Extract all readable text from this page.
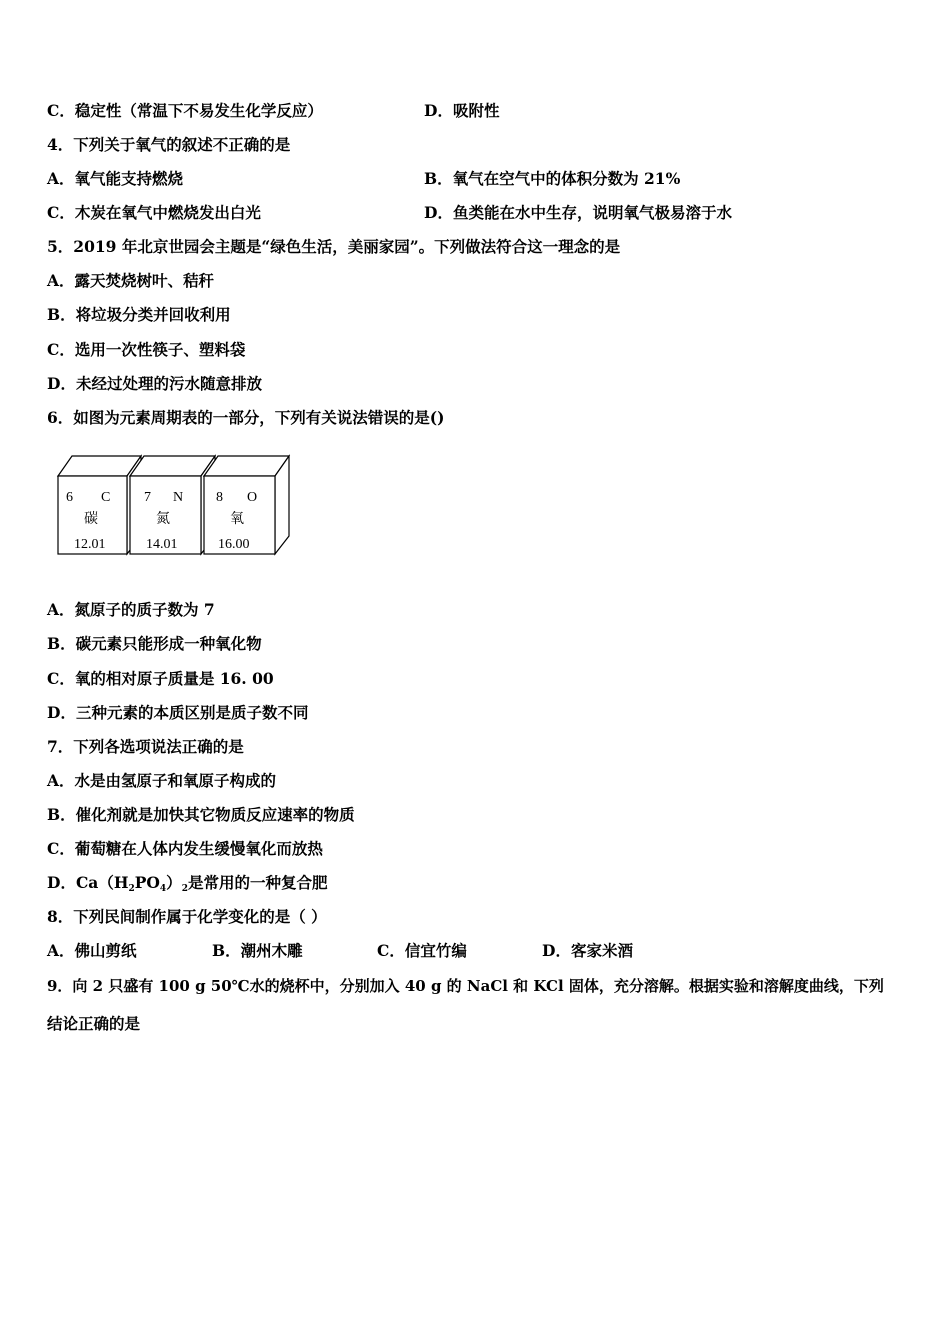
C．稳定性（常温下不易发生化学反应）	D．吸附性
4．下列关于氧气的叙述不正确的是
A．氧气能支持燃烧	B．氧气在空气中的体积分数为 21%
C．木炭在氧气中燃烧发出白光	D．鱼类能在水中生存，说明氧气极易溶于水
5．2019 年北京世园会主题是“绿色生活，美丽家园”。下列做法符合这一理念的是
A．露天焚烧树叶、秸秆
B．将垃圾分类并回收利用
C．选用一次性筷子、塑料袋
D．未经过处理的污水随意排放
6．如图为元素周期表的一部分，下列有关说法错误的是()
6 C
碳
12.01
7 N
氮
14.01
8 O
氧
16.00
A．氮原子的质子数为 7
B．碳元素只能形成一种氧化物
C．氧的相对原子质量是 16. 00
D．三种元素的本质区别是质子数不同
7．下列各选项说法正确的是
A．水是由氢原子和氧原子构成的
B．催化剂就是加快其它物质反应速率的物质
C．葡萄糖在人体内发生缓慢氧化而放热
D．$Ca(H_2PO_4)_2$是常用的一种复合肥
8．下列民间制作属于化学变化的是（ ）
A．佛山剪纸	B．潮州木雕	C．信宜竹编	D．客家米酒
9．向 2 只盛有 100 g 50℃水的烧杯中，分别加入 40 g 的 NaCl 和 KCl 固体，充分溶解。根据实验和溶解度曲线，下列
结论正确的是
